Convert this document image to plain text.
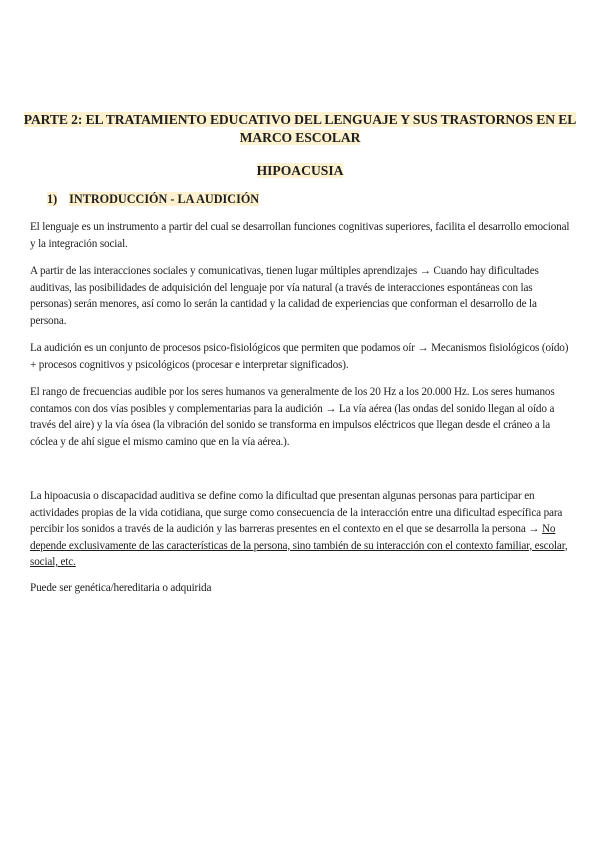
PARTE 2: EL TRATAMIENTO EDUCATIVO DEL LENGUAJE Y SUS TRASTORNOS EN EL MARCO ESCOLAR
HIPOACUSIA
1) INTRODUCCIÓN - LA AUDICIÓN

El lenguaje es un instrumento a partir del cual se desarrollan funciones cognitivas superiores, facilita el desarrollo emocional y la integración social.

A partir de las interacciones sociales y comunicativas, tienen lugar múltiples aprendizajes → Cuando hay dificultades auditivas, las posibilidades de adquisición del lenguaje por vía natural (a través de interacciones espontáneas con las personas) serán menores, así como lo serán la cantidad y la calidad de experiencias que conforman el desarrollo de la persona.

La audición es un conjunto de procesos psico-fisiológicos que permiten que podamos oír → Mecanismos fisiológicos (oído) + procesos cognitivos y psicológicos (procesar e interpretar significados).

El rango de frecuencias audible por los seres humanos va generalmente de los 20 Hz a los 20.000 Hz. Los seres humanos contamos con dos vías posibles y complementarias para la audición → La vía aérea (las ondas del sonido llegan al oído a través del aire) y la vía ósea (la vibración del sonido se transforma en impulsos eléctricos que llegan desde el cráneo a la cóclea y de ahí sigue el mismo camino que en la vía aérea.).

La hipoacusia o discapacidad auditiva se define como la dificultad que presentan algunas personas para participar en actividades propias de la vida cotidiana, que surge como consecuencia de la interacción entre una dificultad específica para percibir los sonidos a través de la audición y las barreras presentes en el contexto en el que se desarrolla la persona → No depende exclusivamente de las características de la persona, sino también de su interacción con el contexto familiar, escolar, social, etc.

Puede ser genética/hereditaria o adquirida
